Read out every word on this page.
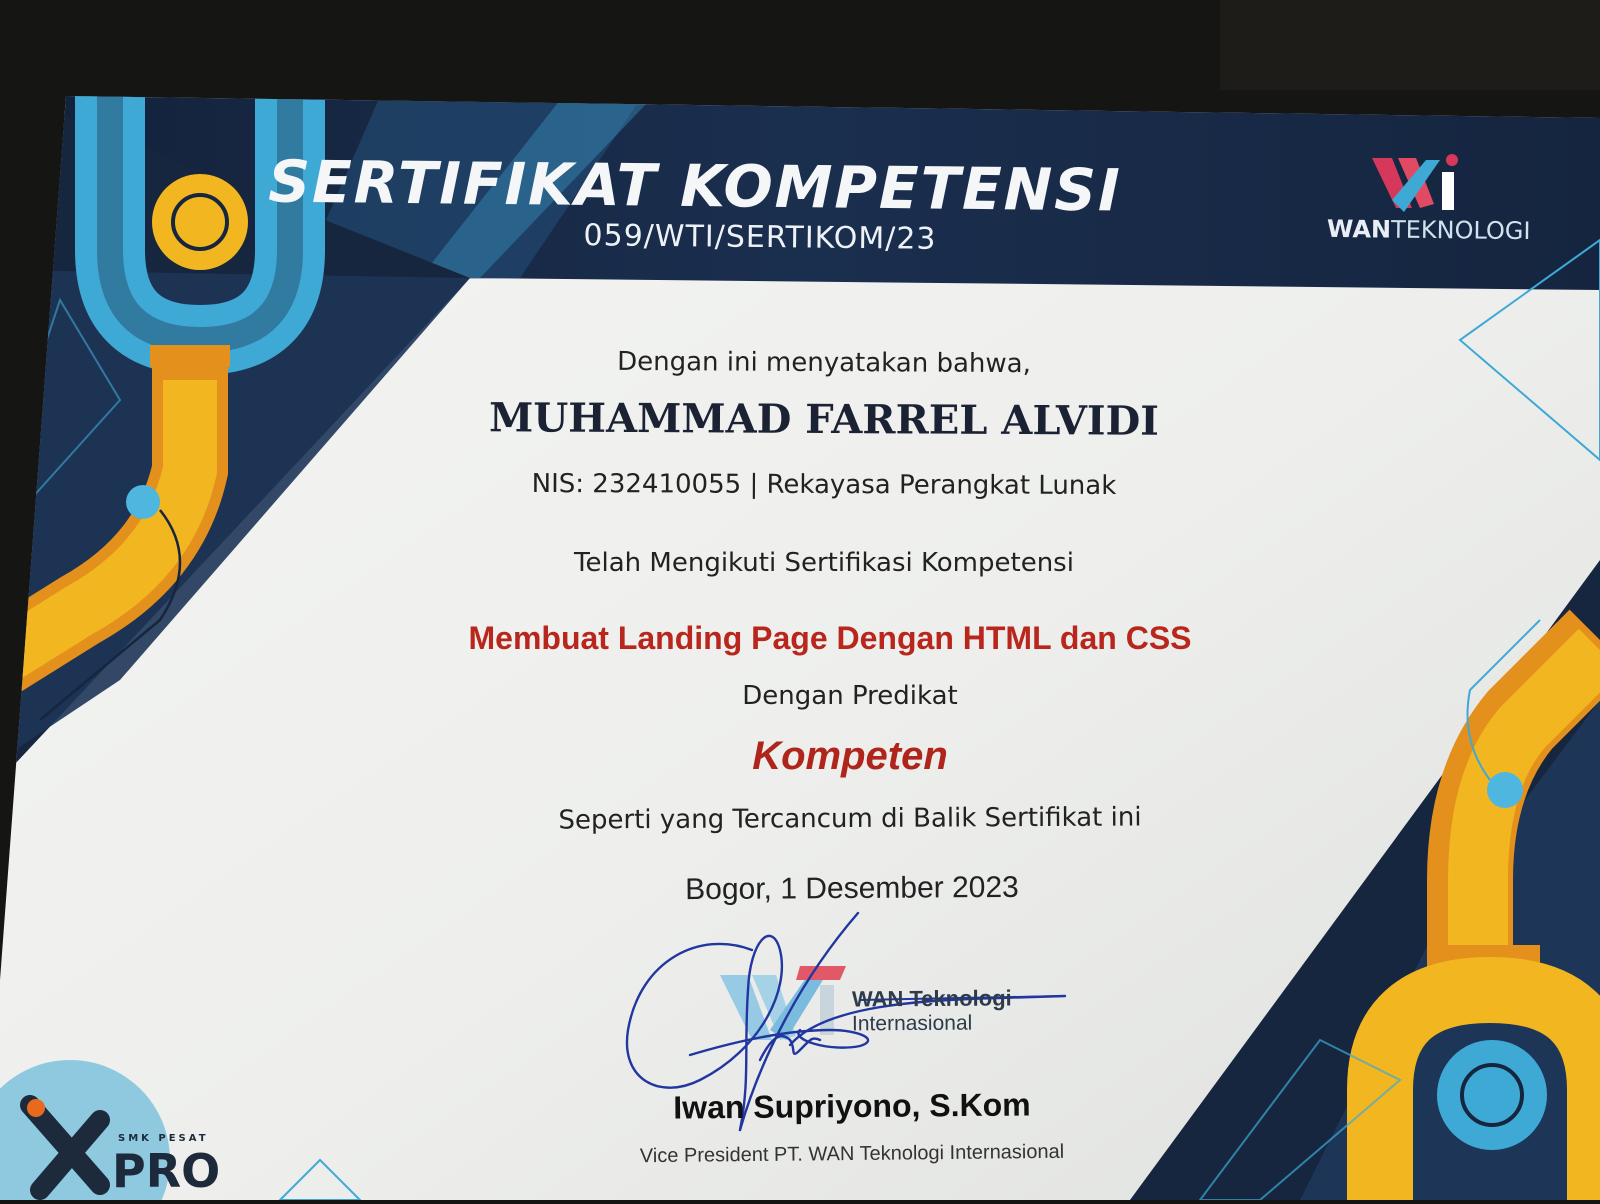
SERTIFIKAT KOMPETENSI

059/WTI/SERTIKOM/23	WANTEKNOLOGI

Dengan ini menyatakan bahwa,

MUHAMMAD FARREL ALVIDI

NIS: 232410055 | Rekayasa Perangkat Lunak

Telah Mengikuti Sertifikasi Kompetensi

Membuat Landing Page Dengan HTML dan CSS

Dengan Predikat

Kompeten

Seperti yang Tercancum di Balik Sertifikat ini

Bogor, 1 Desember 2023

WAN Teknologi
Internasional

Iwan Supriyono, S.Kom

Vice President PT. WAN Teknologi Internasional

SMK PESAT
PRO
